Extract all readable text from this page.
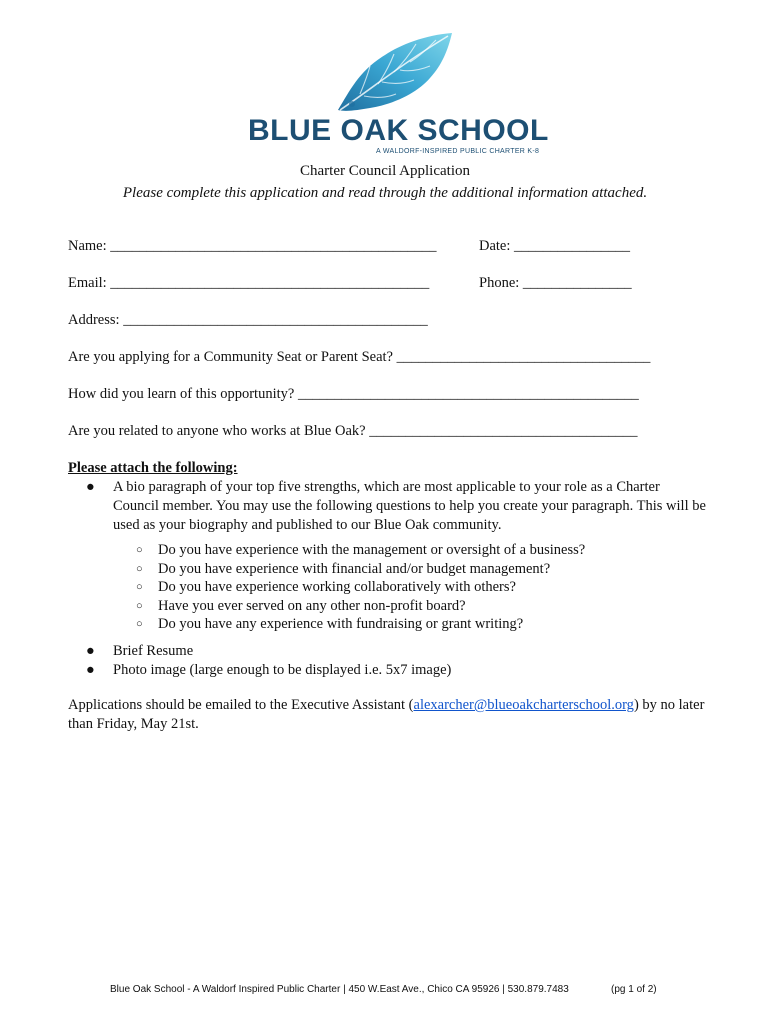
BLUE OAK SCHOOL
A WALDORF-INSPIRED PUBLIC CHARTER K-8
Charter Council Application
Please complete this application and read through the additional information attached.
Name: _____________________________________________	Date: ________________
Email: ____________________________________________	Phone: _______________
Address: __________________________________________
Are you applying for a Community Seat or Parent Seat? ___________________________________
How did you learn of this opportunity? _______________________________________________
Are you related to anyone who works at Blue Oak? _____________________________________
Please attach the following:
● A bio paragraph of your top five strengths, which are most applicable to your role as a Charter Council member. You may use the following questions to help you create your paragraph. This will be used as your biography and published to our Blue Oak community.
○ Do you have experience with the management or oversight of a business?
○ Do you have experience with financial and/or budget management?
○ Do you have experience working collaboratively with others?
○ Have you ever served on any other non-profit board?
○ Do you have any experience with fundraising or grant writing?
● Brief Resume
● Photo image (large enough to be displayed i.e. 5x7 image)
Applications should be emailed to the Executive Assistant (alexarcher@blueoakcharterschool.org) by no later than Friday, May 21st.
Blue Oak School - A Waldorf Inspired Public Charter | 450 W.East Ave., Chico CA 95926 | 530.879.7483	(pg 1 of 2)
